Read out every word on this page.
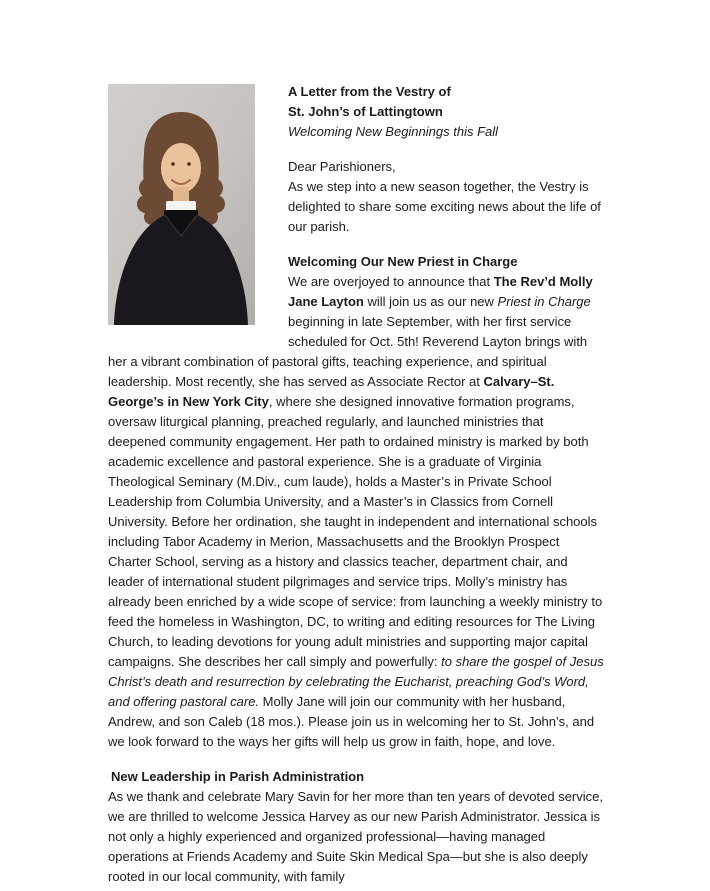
A Letter from the Vestry of
St. John’s of Lattingtown
Welcoming New Beginnings this Fall

Dear Parishioners,
As we step into a new season together, the Vestry is delighted to share some exciting news about the life of our parish.

Welcoming Our New Priest in Charge
We are overjoyed to announce that The Rev’d Molly Jane Layton will join us as our new Priest in Charge beginning in late September, with her first service scheduled for Oct. 5th! Reverend Layton brings with her a vibrant combination of pastoral gifts, teaching experience, and spiritual leadership. Most recently, she has served as Associate Rector at Calvary–St. George’s in New York City, where she designed innovative formation programs, oversaw liturgical planning, preached regularly, and launched ministries that deepened community engagement. Her path to ordained ministry is marked by both academic excellence and pastoral experience. She is a graduate of Virginia Theological Seminary (M.Div., cum laude), holds a Master’s in Private School Leadership from Columbia University, and a Master’s in Classics from Cornell University. Before her ordination, she taught in independent and international schools including Tabor Academy in Merion, Massachusetts and the Brooklyn Prospect Charter School, serving as a history and classics teacher, department chair, and leader of international student pilgrimages and service trips. Molly’s ministry has already been enriched by a wide scope of service: from launching a weekly ministry to feed the homeless in Washington, DC, to writing and editing resources for The Living Church, to leading devotions for young adult ministries and supporting major capital campaigns. She describes her call simply and powerfully: to share the gospel of Jesus Christ’s death and resurrection by celebrating the Eucharist, preaching God’s Word, and offering pastoral care. Molly Jane will join our community with her husband, Andrew, and son Caleb (18 mos.). Please join us in welcoming her to St. John’s, and we look forward to the ways her gifts will help us grow in faith, hope, and love.

New Leadership in Parish Administration
As we thank and celebrate Mary Savin for her more than ten years of devoted service, we are thrilled to welcome Jessica Harvey as our new Parish Administrator. Jessica is not only a highly experienced and organized professional—having managed operations at Friends Academy and Suite Skin Medical Spa—but she is also deeply rooted in our local community, with family
